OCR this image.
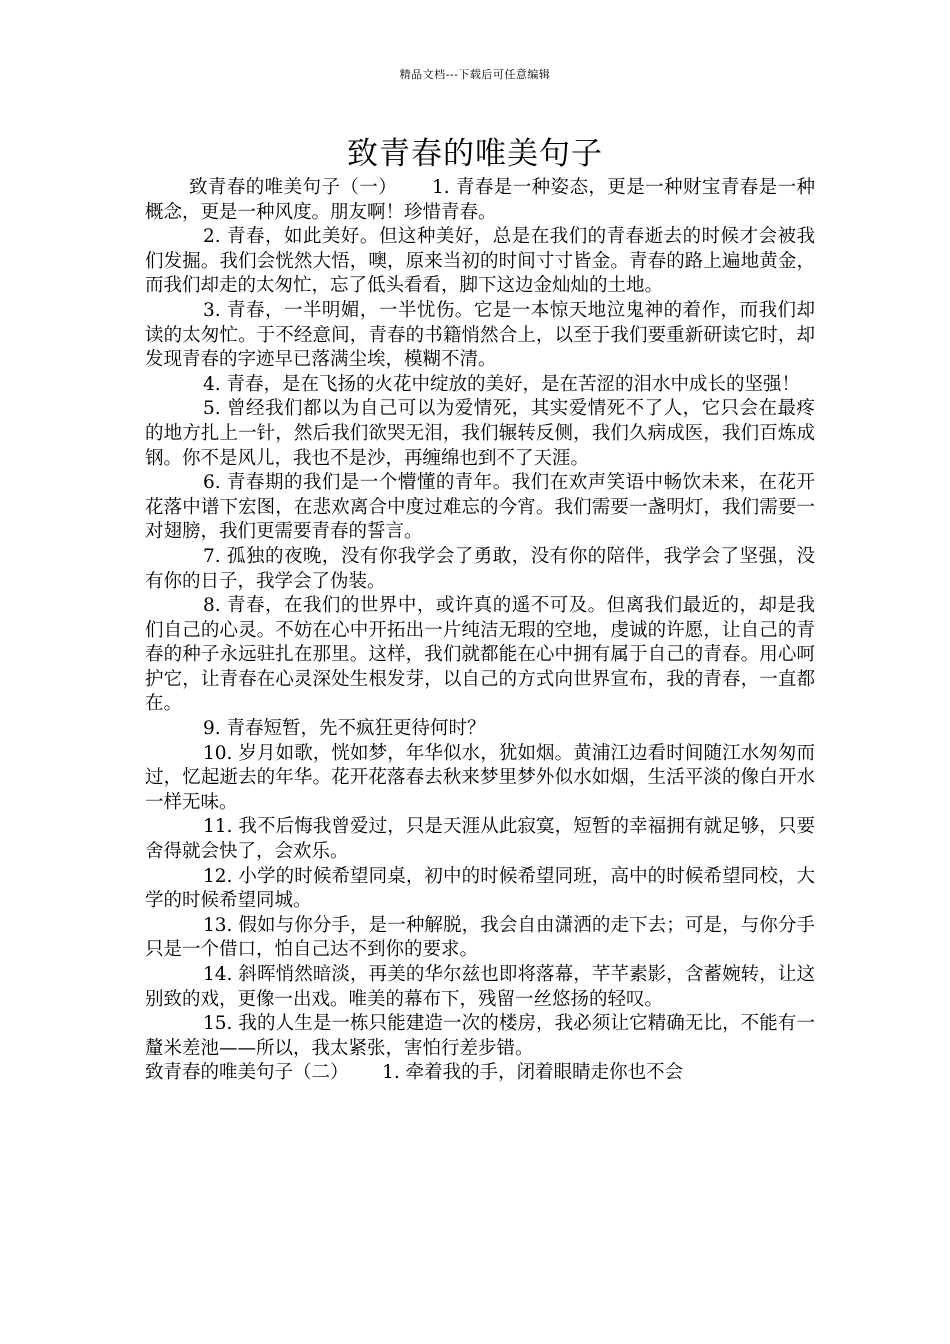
精品文档---下载后可任意编辑
致青春的唯美句子

致青春的唯美句子（一）　　 1. 青春是一种姿态，更是一种财宝青春是一种概念，更是一种风度。朋友啊！珍惜青春。

2. 青春，如此美好。但这种美好，总是在我们的青春逝去的时候才会被我们发掘。我们会恍然大悟，噢，原来当初的时间寸寸皆金。青春的路上遍地黄金，而我们却走的太匆忙，忘了低头看看，脚下这边金灿灿的土地。

3. 青春，一半明媚，一半忧伤。它是一本惊天地泣鬼神的着作，而我们却读的太匆忙。于不经意间，青春的书籍悄然合上，以至于我们要重新研读它时，却发现青春的字迹早已落满尘埃，模糊不清。

4. 青春，是在飞扬的火花中绽放的美好，是在苦涩的泪水中成长的坚强！

5. 曾经我们都以为自己可以为爱情死，其实爱情死不了人，它只会在最疼的地方扎上一针，然后我们欲哭无泪，我们辗转反侧，我们久病成医，我们百炼成钢。你不是风儿，我也不是沙，再缠绵也到不了天涯。

6. 青春期的我们是一个懵懂的青年。我们在欢声笑语中畅饮未来，在花开花落中谱下宏图，在悲欢离合中度过难忘的今宵。我们需要一盏明灯，我们需要一对翅膀，我们更需要青春的誓言。

7. 孤独的夜晚，没有你我学会了勇敢，没有你的陪伴，我学会了坚强，没有你的日子，我学会了伪装。

8. 青春，在我们的世界中，或许真的遥不可及。但离我们最近的，却是我们自己的心灵。不妨在心中开拓出一片纯洁无瑕的空地，虔诚的许愿，让自己的青春的种子永远驻扎在那里。这样，我们就都能在心中拥有属于自己的青春。用心呵护它，让青春在心灵深处生根发芽，以自己的方式向世界宣布，我的青春，一直都在。

9. 青春短暂，先不疯狂更待何时？

10. 岁月如歌，恍如梦，年华似水，犹如烟。黄浦江边看时间随江水匆匆而过，忆起逝去的年华。花开花落春去秋来梦里梦外似水如烟，生活平淡的像白开水一样无味。

11. 我不后悔我曾爱过，只是天涯从此寂寞，短暂的幸福拥有就足够，只要舍得就会快了，会欢乐。

12. 小学的时候希望同桌，初中的时候希望同班，高中的时候希望同校，大学的时候希望同城。

13. 假如与你分手，是一种解脱，我会自由潇洒的走下去；可是，与你分手只是一个借口，怕自己达不到你的要求。

14. 斜晖悄然暗淡，再美的华尔兹也即将落幕，芊芊素影，含蓄婉转，让这别致的戏，更像一出戏。唯美的幕布下，残留一丝悠扬的轻叹。

15. 我的人生是一栋只能建造一次的楼房，我必须让它精确无比，不能有一釐米差池——所以，我太紧张，害怕行差步错。

致青春的唯美句子（二）　　 1. 牵着我的手，闭着眼睛走你也不会
